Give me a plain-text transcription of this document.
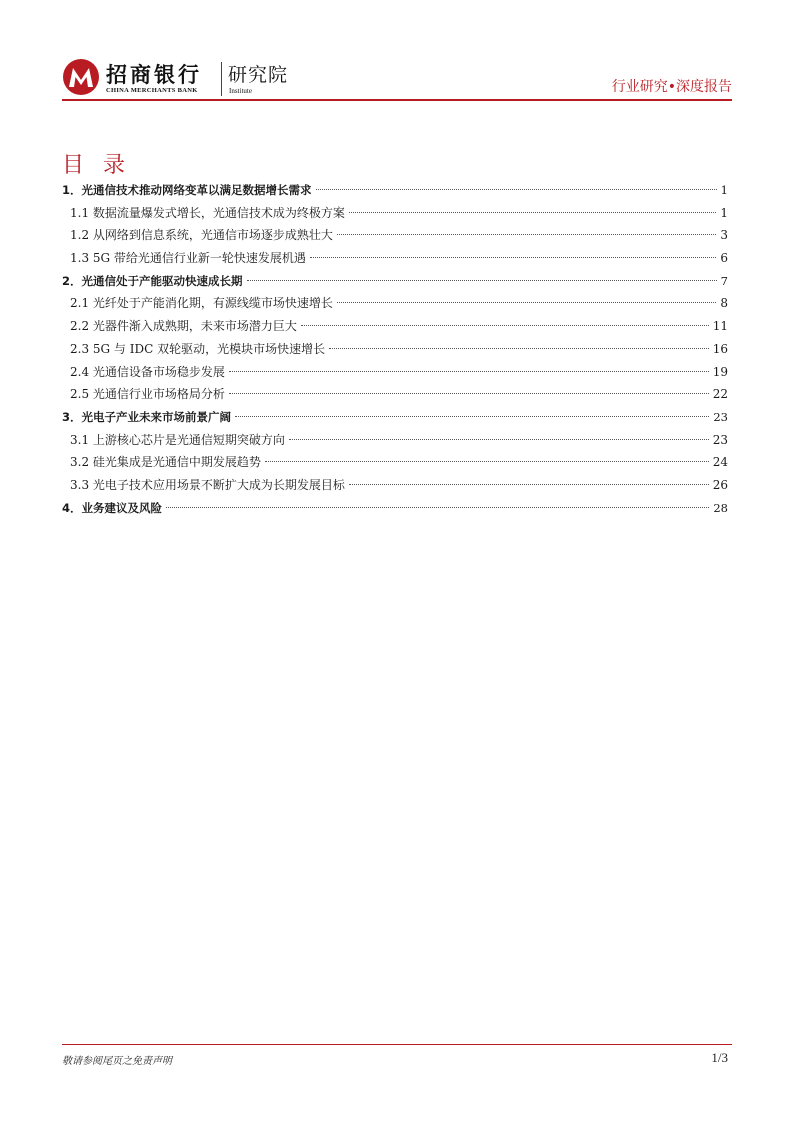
招商银行
CHINA MERCHANTS BANK
研究院
Institute	行业研究•深度报告
目 录
1．光通信技术推动网络变革以满足数据增长需求	1
1.1 数据流量爆发式增长，光通信技术成为终极方案	1
1.2 从网络到信息系统，光通信市场逐步成熟壮大	3
1.3 5G 带给光通信行业新一轮快速发展机遇	6
2．光通信处于产能驱动快速成长期	7
2.1 光纤处于产能消化期，有源线缆市场快速增长	8
2.2 光器件渐入成熟期，未来市场潜力巨大	11
2.3 5G 与 IDC 双轮驱动，光模块市场快速增长	16
2.4 光通信设备市场稳步发展	19
2.5 光通信行业市场格局分析	22
3．光电子产业未来市场前景广阔	23
3.1 上游核心芯片是光通信短期突破方向	23
3.2 硅光集成是光通信中期发展趋势	24
3.3 光电子技术应用场景不断扩大成为长期发展目标	26
4．业务建议及风险	28
敬请参阅尾页之免责声明	1/3
